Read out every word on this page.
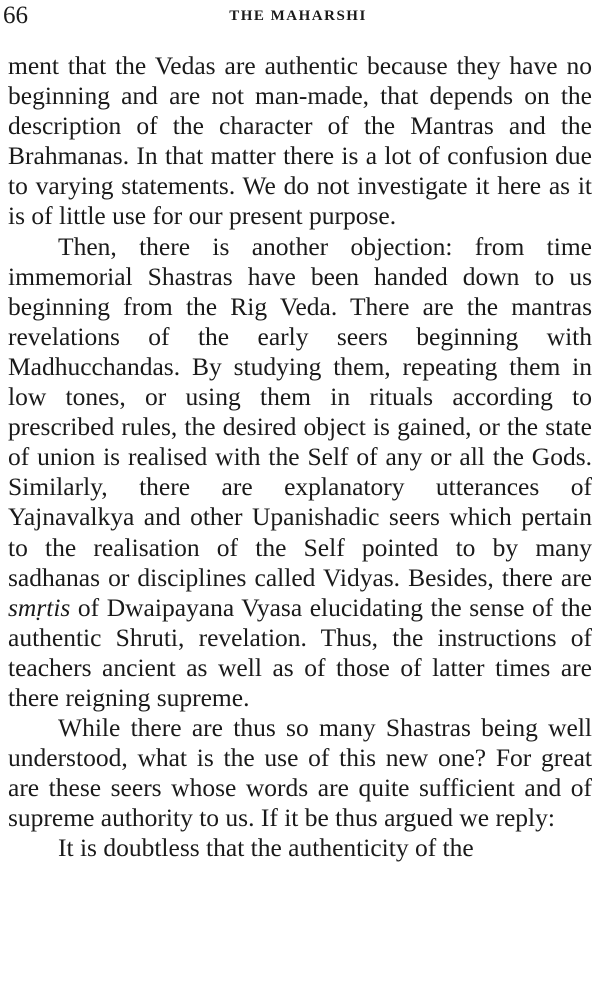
66	THE MAHARSHI

ment that the Vedas are authentic because they have no beginning and are not man-made, that depends on the description of the character of the Mantras and the Brahmanas. In that matter there is a lot of confusion due to varying statements. We do not investigate it here as it is of little use for our present purpose.

Then, there is another objection: from time immemorial Shastras have been handed down to us beginning from the Rig Veda. There are the mantras revelations of the early seers beginning with Madhucchandas. By studying them, repeating them in low tones, or using them in rituals according to prescribed rules, the desired object is gained, or the state of union is realised with the Self of any or all the Gods. Similarly, there are explanatory utterances of Yajnavalkya and other Upanishadic seers which pertain to the realisation of the Self pointed to by many sadhanas or disciplines called Vidyas. Besides, there are smṛtis of Dwaipayana Vyasa elucidating the sense of the authentic Shruti, revelation. Thus, the instructions of teachers ancient as well as of those of latter times are there reigning supreme.

While there are thus so many Shastras being well understood, what is the use of this new one? For great are these seers whose words are quite sufficient and of supreme authority to us. If it be thus argued we reply:

It is doubtless that the authenticity of the
